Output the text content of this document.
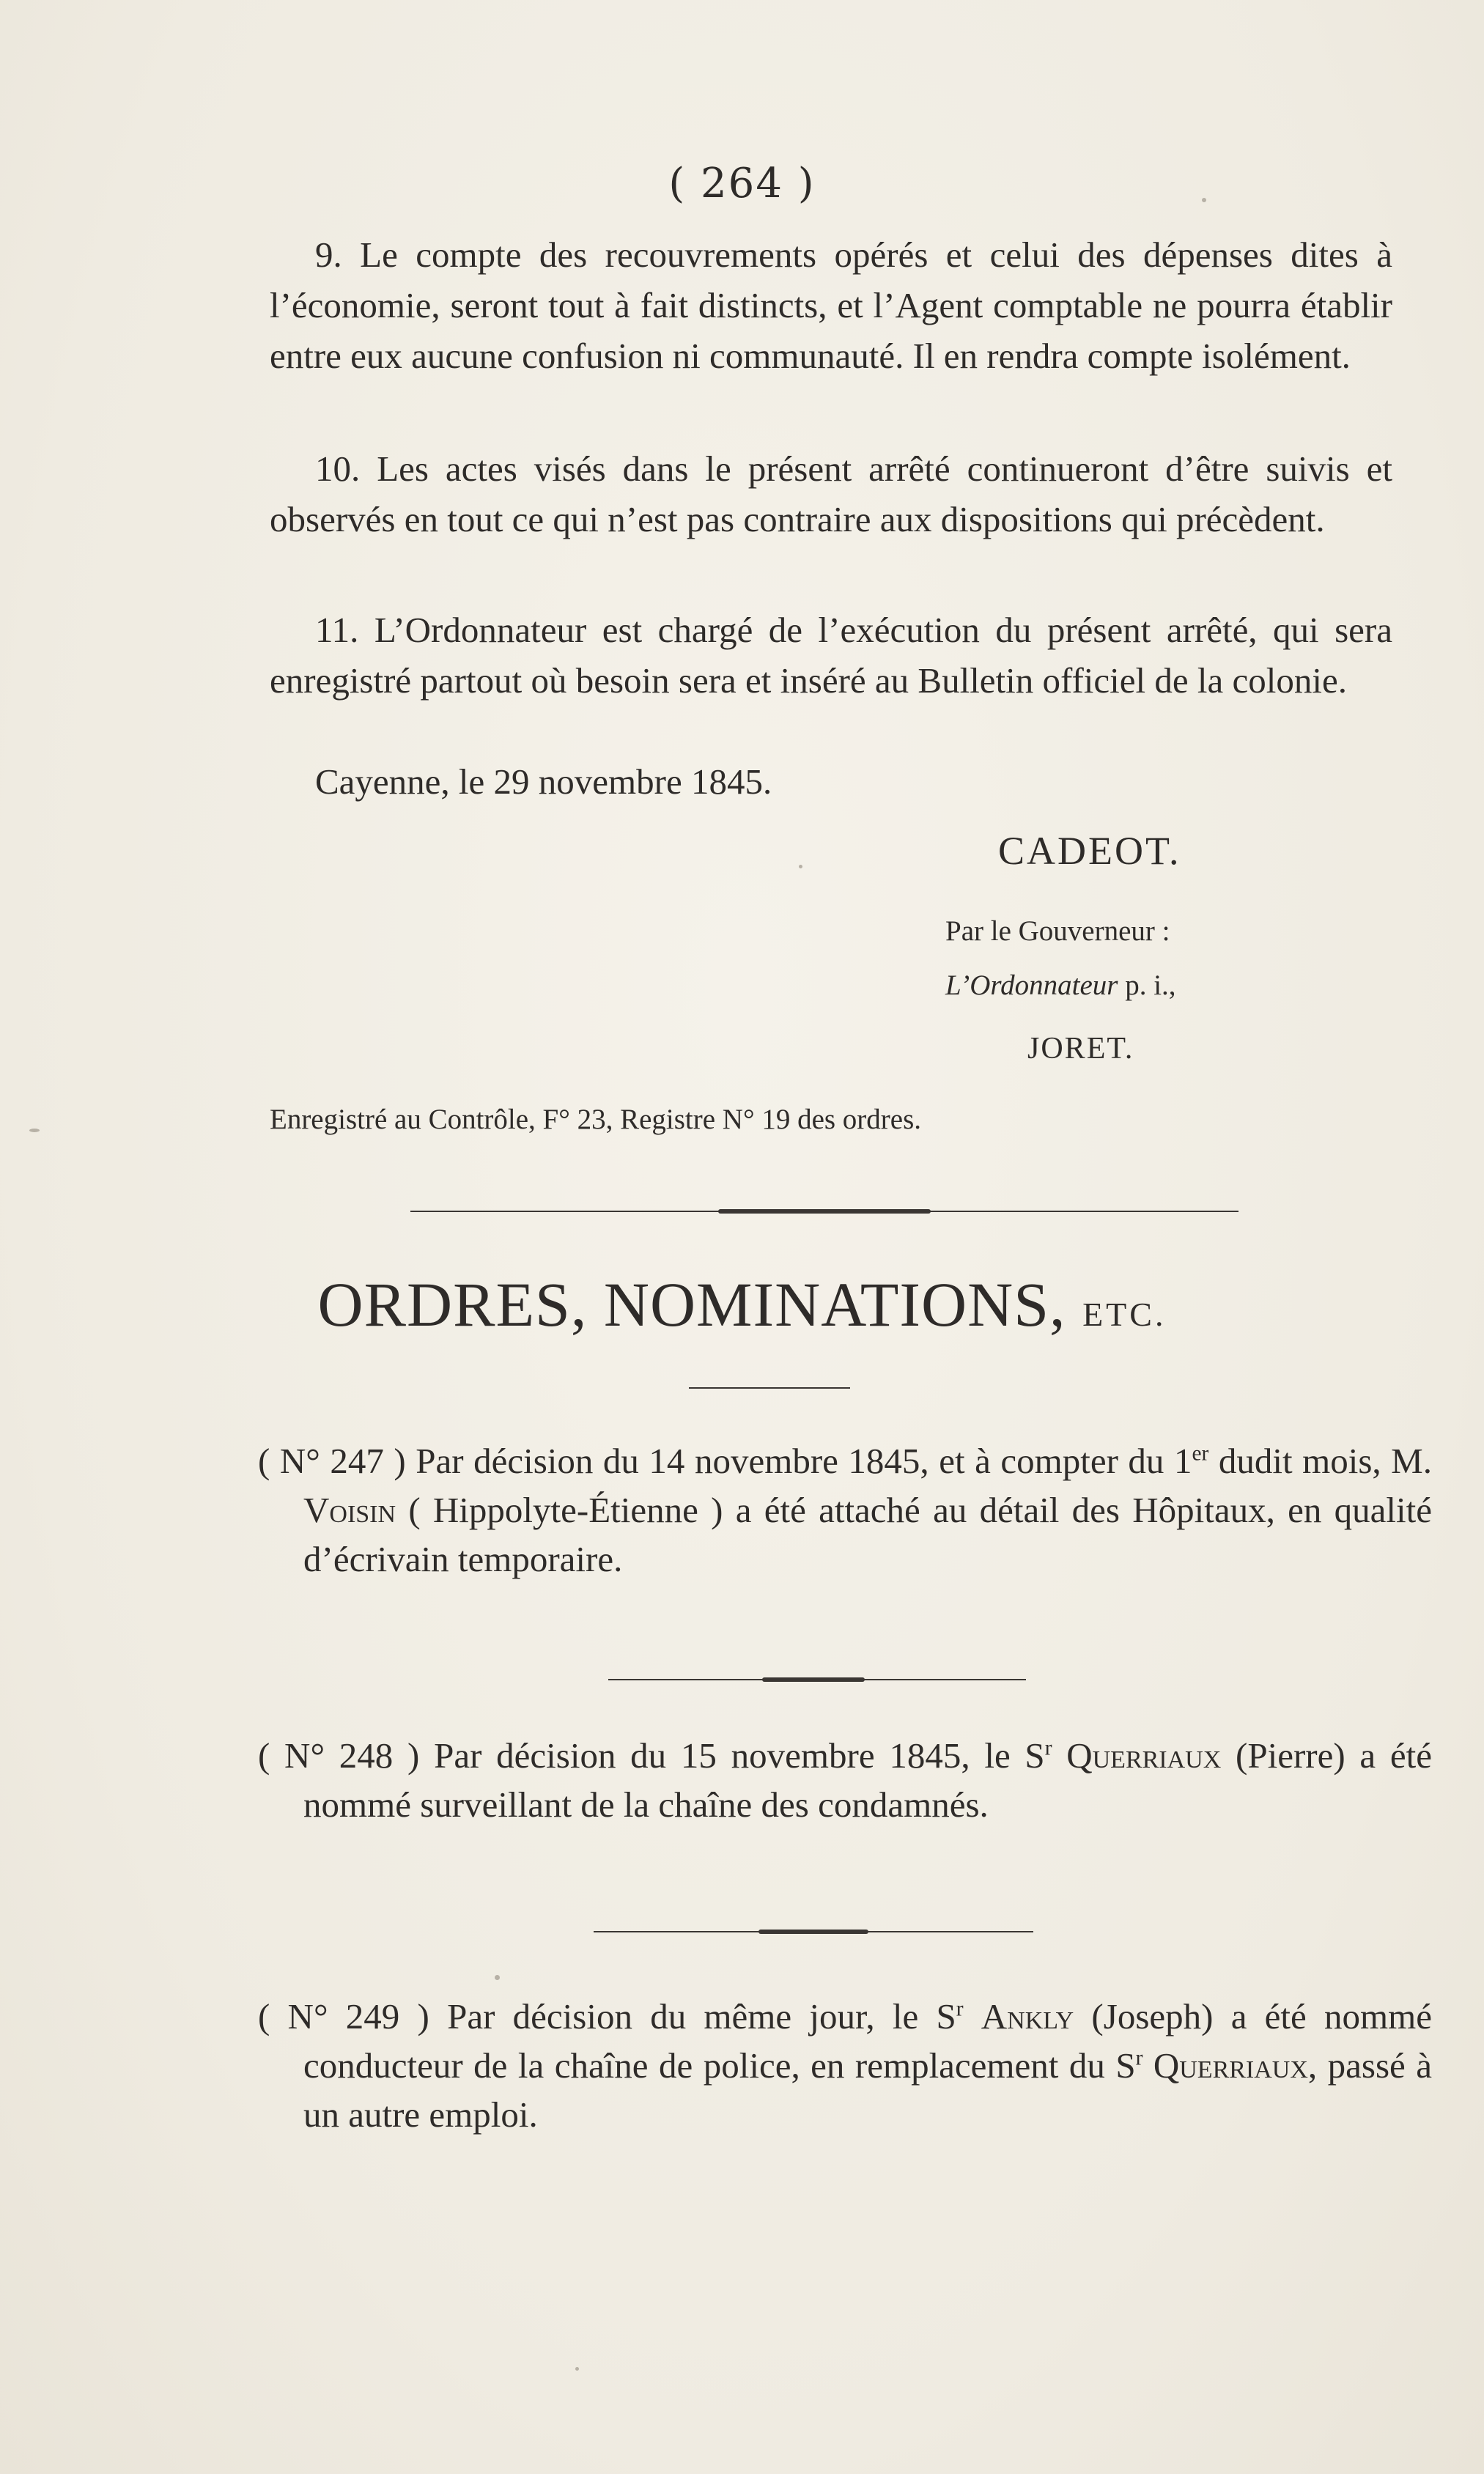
( 264 )
9. Le compte des recouvrements opérés et celui des dépenses dites à l’économie, seront tout à fait distincts, et l’Agent comptable ne pourra établir entre eux aucune confusion ni communauté. Il en rendra compte isolément.
10. Les actes visés dans le présent arrêté continueront d’être suivis et observés en tout ce qui n’est pas contraire aux dispositions qui précèdent.
11. L’Ordonnateur est chargé de l’exécution du présent arrêté, qui sera enregistré partout où besoin sera et inséré au Bulletin officiel de la colonie.
Cayenne, le 29 novembre 1845.
CADEOT.
Par le Gouverneur :
L’Ordonnateur p. i.,
JORET.
Enregistré au Contrôle, F° 23, Registre N° 19 des ordres.
ORDRES, NOMINATIONS, ETC.
( N° 247 ) Par décision du 14 novembre 1845, et à compter du 1er dudit mois, M. Voisin ( Hippolyte-Étienne ) a été attaché au détail des Hôpitaux, en qualité d’écrivain temporaire.
( N° 248 ) Par décision du 15 novembre 1845, le $S^r$ Querriaux (Pierre) a été nommé surveillant de la chaîne des condamnés.
( N° 249 ) Par décision du même jour, le $S^r$ Ankly (Joseph) a été nommé conducteur de la chaîne de police, en remplacement du $S^r$ Querriaux, passé à un autre emploi.
